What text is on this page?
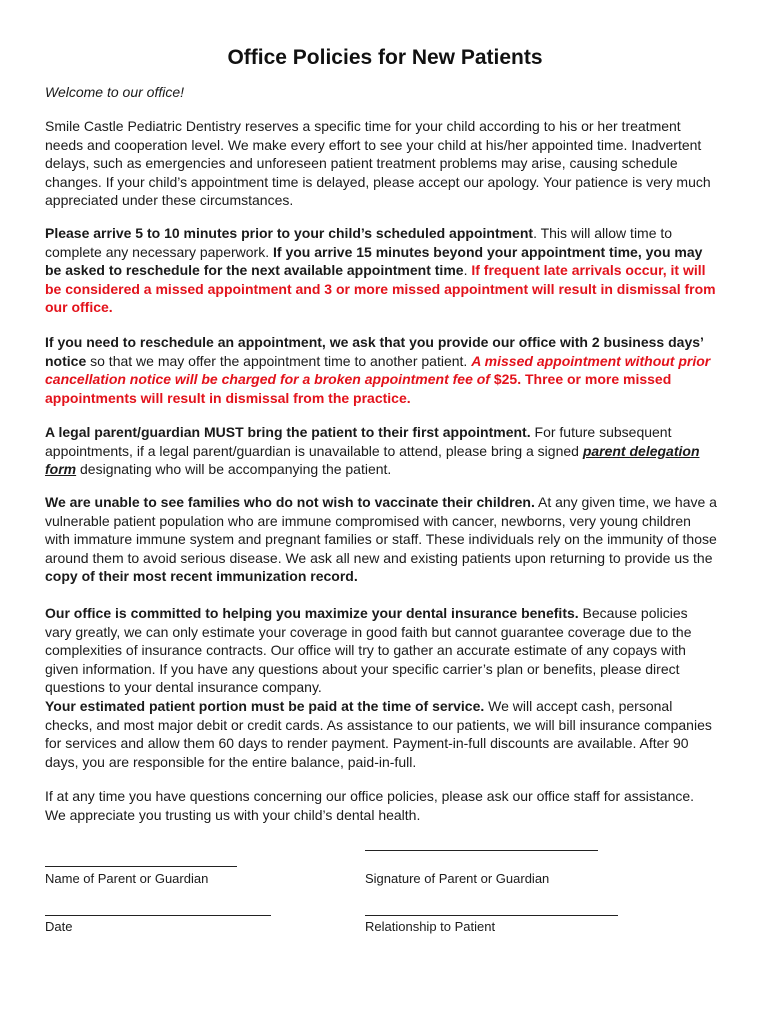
Office Policies for New Patients

Welcome to our office!

Smile Castle Pediatric Dentistry reserves a specific time for your child according to his or her treatment needs and cooperation level. We make every effort to see your child at his/her appointed time. Inadvertent delays, such as emergencies and unforeseen patient treatment problems may arise, causing schedule changes. If your child’s appointment time is delayed, please accept our apology. Your patience is very much appreciated under these circumstances.

Please arrive 5 to 10 minutes prior to your child’s scheduled appointment. This will allow time to complete any necessary paperwork. If you arrive 15 minutes beyond your appointment time, you may be asked to reschedule for the next available appointment time. If frequent late arrivals occur, it will be considered a missed appointment and 3 or more missed appointment will result in dismissal from our office.

If you need to reschedule an appointment, we ask that you provide our office with 2 business days’ notice so that we may offer the appointment time to another patient. A missed appointment without prior cancellation notice will be charged for a broken appointment fee of $25. Three or more missed appointments will result in dismissal from the practice.

A legal parent/guardian MUST bring the patient to their first appointment. For future subsequent appointments, if a legal parent/guardian is unavailable to attend, please bring a signed parent delegation form designating who will be accompanying the patient.

We are unable to see families who do not wish to vaccinate their children. At any given time, we have a vulnerable patient population who are immune compromised with cancer, newborns, very young children with immature immune system and pregnant families or staff. These individuals rely on the immunity of those around them to avoid serious disease. We ask all new and existing patients upon returning to provide us the copy of their most recent immunization record.

Our office is committed to helping you maximize your dental insurance benefits. Because policies vary greatly, we can only estimate your coverage in good faith but cannot guarantee coverage due to the complexities of insurance contracts. Our office will try to gather an accurate estimate of any copays with given information. If you have any questions about your specific carrier’s plan or benefits, please direct questions to your dental insurance company.

Your estimated patient portion must be paid at the time of service. We will accept cash, personal checks, and most major debit or credit cards. As assistance to our patients, we will bill insurance companies for services and allow them 60 days to render payment. Payment-in-full discounts are available. After 90 days, you are responsible for the entire balance, paid-in-full.

If at any time you have questions concerning our office policies, please ask our office staff for assistance. We appreciate you trusting us with your child’s dental health.

Name of Parent or Guardian	Signature of Parent or Guardian

Date	Relationship to Patient
